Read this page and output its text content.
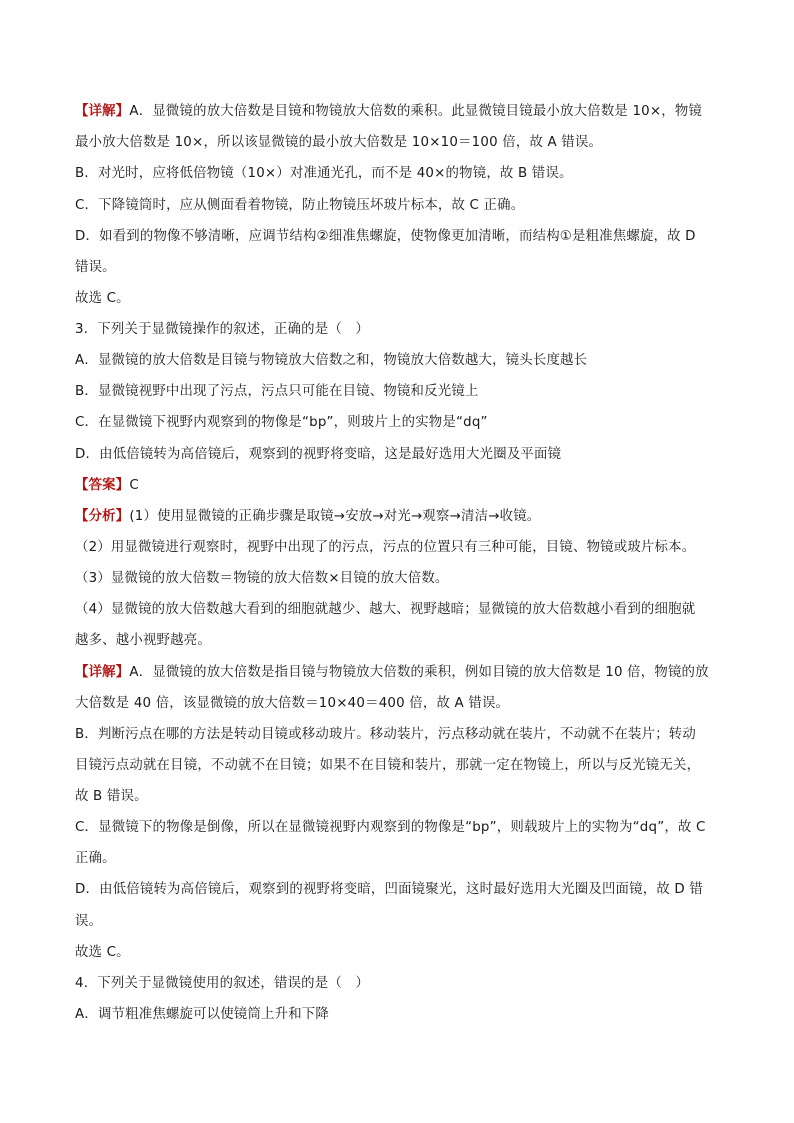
【详解】A．显微镜的放大倍数是目镜和物镜放大倍数的乘积。此显微镜目镜最小放大倍数是 10×，物镜
最小放大倍数是 10×，所以该显微镜的最小放大倍数是 10×10＝100 倍，故 A 错误。
B．对光时，应将低倍物镜（10×）对准通光孔，而不是 40×的物镜，故 B 错误。
C．下降镜筒时，应从侧面看着物镜，防止物镜压坏玻片标本，故 C 正确。
D．如看到的物像不够清晰，应调节结构②细准焦螺旋，使物像更加清晰，而结构①是粗准焦螺旋，故 D
错误。
故选 C。
3．下列关于显微镜操作的叙述，正确的是（　）
A．显微镜的放大倍数是目镜与物镜放大倍数之和，物镜放大倍数越大，镜头长度越长
B．显微镜视野中出现了污点，污点只可能在目镜、物镜和反光镜上
C．在显微镜下视野内观察到的物像是“bp”，则玻片上的实物是“dq”
D．由低倍镜转为高倍镜后，观察到的视野将变暗，这是最好选用大光圈及平面镜
【答案】C
【分析】(1）使用显微镜的正确步骤是取镜→安放→对光→观察→清洁→收镜。
（2）用显微镜进行观察时，视野中出现了的污点，污点的位置只有三种可能，目镜、物镜或玻片标本。
（3）显微镜的放大倍数＝物镜的放大倍数×目镜的放大倍数。
（4）显微镜的放大倍数越大看到的细胞就越少、越大、视野越暗；显微镜的放大倍数越小看到的细胞就
越多、越小视野越亮。
【详解】A．显微镜的放大倍数是指目镜与物镜放大倍数的乘积，例如目镜的放大倍数是 10 倍，物镜的放
大倍数是 40 倍，该显微镜的放大倍数＝10×40＝400 倍，故 A 错误。
B．判断污点在哪的方法是转动目镜或移动玻片。移动装片，污点移动就在装片，不动就不在装片；转动
目镜污点动就在目镜，不动就不在目镜；如果不在目镜和装片，那就一定在物镜上，所以与反光镜无关，
故 B 错误。
C．显微镜下的物像是倒像，所以在显微镜视野内观察到的物像是“bp”，则载玻片上的实物为“dq”，故 C
正确。
D．由低倍镜转为高倍镜后，观察到的视野将变暗，凹面镜聚光，这时最好选用大光圈及凹面镜，故 D 错
误。
故选 C。
4．下列关于显微镜使用的叙述，错误的是（　）
A．调节粗准焦螺旋可以使镜筒上升和下降
